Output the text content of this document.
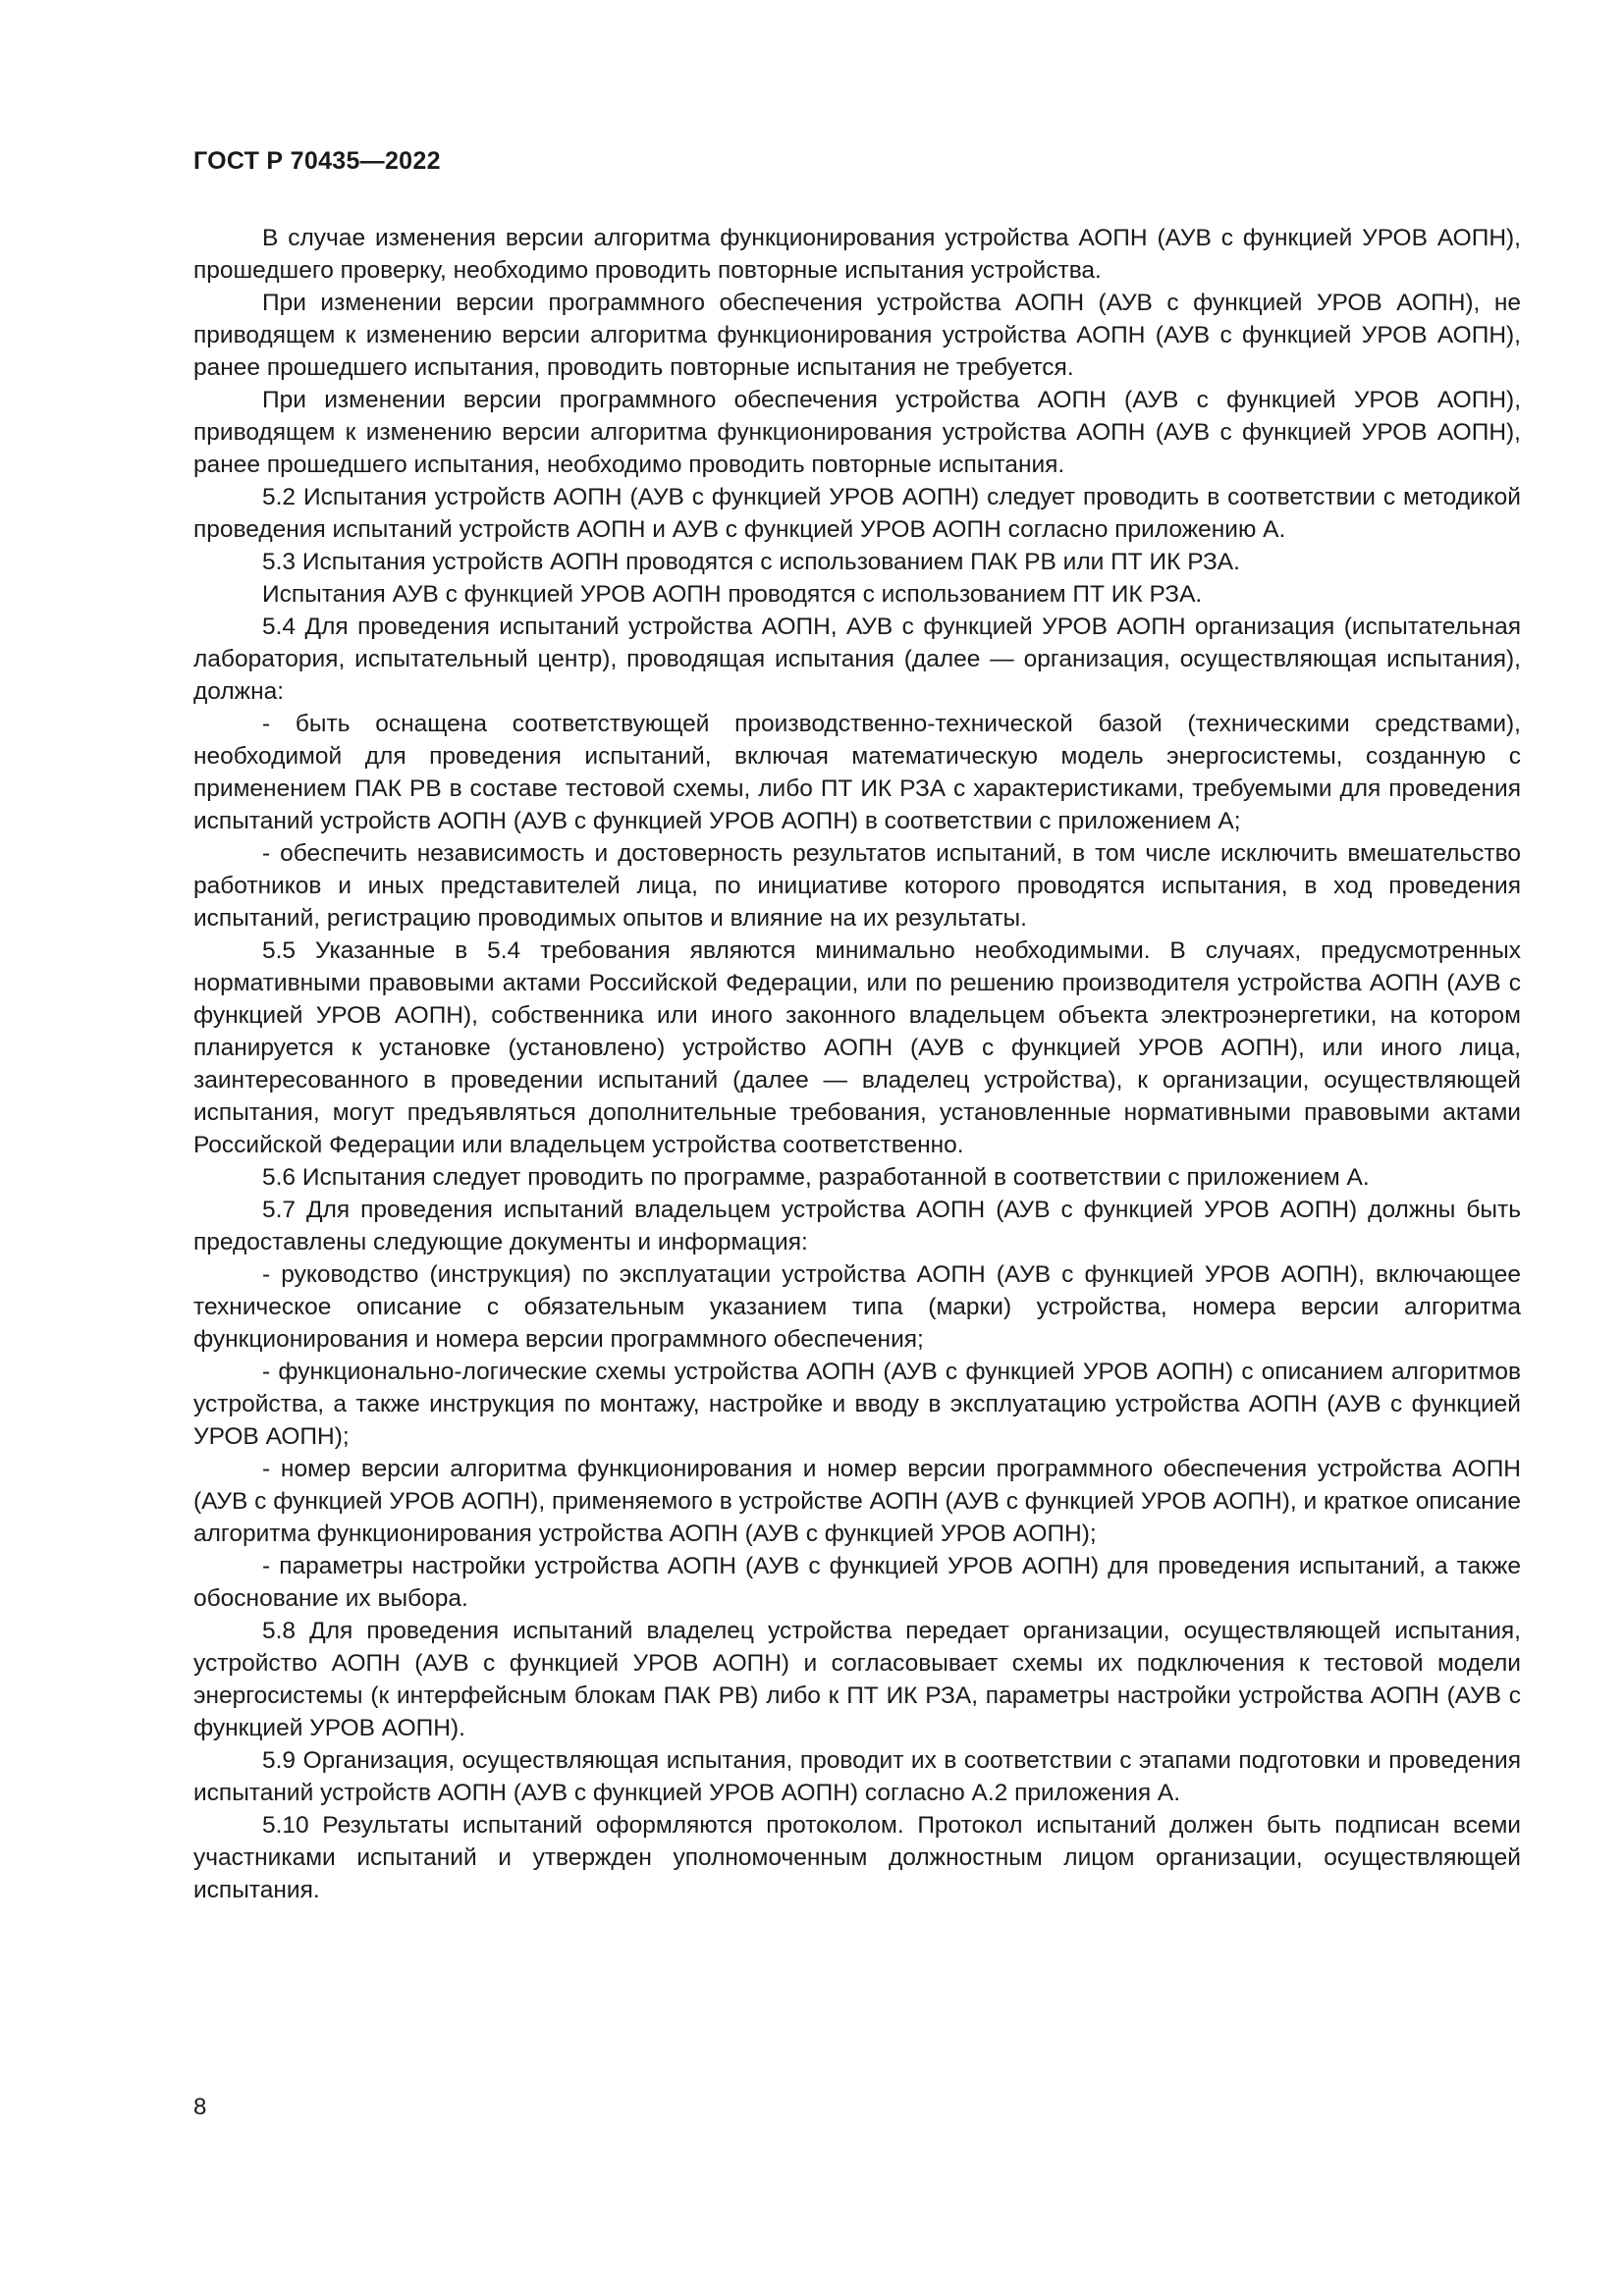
ГОСТ Р 70435—2022

В случае изменения версии алгоритма функционирования устройства АОПН (АУВ с функцией УРОВ АОПН), прошедшего проверку, необходимо проводить повторные испытания устройства.

При изменении версии программного обеспечения устройства АОПН (АУВ с функцией УРОВ АОПН), не приводящем к изменению версии алгоритма функционирования устройства АОПН (АУВ с функцией УРОВ АОПН), ранее прошедшего испытания, проводить повторные испытания не требуется.

При изменении версии программного обеспечения устройства АОПН (АУВ с функцией УРОВ АОПН), приводящем к изменению версии алгоритма функционирования устройства АОПН (АУВ с функцией УРОВ АОПН), ранее прошедшего испытания, необходимо проводить повторные испытания.

5.2 Испытания устройств АОПН (АУВ с функцией УРОВ АОПН) следует проводить в соответствии с методикой проведения испытаний устройств АОПН и АУВ с функцией УРОВ АОПН согласно приложению А.

5.3 Испытания устройств АОПН проводятся с использованием ПАК РВ или ПТ ИК РЗА.

Испытания АУВ с функцией УРОВ АОПН проводятся с использованием ПТ ИК РЗА.

5.4 Для проведения испытаний устройства АОПН, АУВ с функцией УРОВ АОПН организация (испытательная лаборатория, испытательный центр), проводящая испытания (далее — организация, осуществляющая испытания), должна:

- быть оснащена соответствующей производственно-технической базой (техническими средствами), необходимой для проведения испытаний, включая математическую модель энергосистемы, созданную с применением ПАК РВ в составе тестовой схемы, либо ПТ ИК РЗА с характеристиками, требуемыми для проведения испытаний устройств АОПН (АУВ с функцией УРОВ АОПН) в соответствии с приложением А;

- обеспечить независимость и достоверность результатов испытаний, в том числе исключить вмешательство работников и иных представителей лица, по инициативе которого проводятся испытания, в ход проведения испытаний, регистрацию проводимых опытов и влияние на их результаты.

5.5 Указанные в 5.4 требования являются минимально необходимыми. В случаях, предусмотренных нормативными правовыми актами Российской Федерации, или по решению производителя устройства АОПН (АУВ с функцией УРОВ АОПН), собственника или иного законного владельцем объекта электроэнергетики, на котором планируется к установке (установлено) устройство АОПН (АУВ с функцией УРОВ АОПН), или иного лица, заинтересованного в проведении испытаний (далее — владелец устройства), к организации, осуществляющей испытания, могут предъявляться дополнительные требования, установленные нормативными правовыми актами Российской Федерации или владельцем устройства соответственно.

5.6 Испытания следует проводить по программе, разработанной в соответствии с приложением А.

5.7 Для проведения испытаний владельцем устройства АОПН (АУВ с функцией УРОВ АОПН) должны быть предоставлены следующие документы и информация:

- руководство (инструкция) по эксплуатации устройства АОПН (АУВ с функцией УРОВ АОПН), включающее техническое описание с обязательным указанием типа (марки) устройства, номера версии алгоритма функционирования и номера версии программного обеспечения;

- функционально-логические схемы устройства АОПН (АУВ с функцией УРОВ АОПН) с описанием алгоритмов устройства, а также инструкция по монтажу, настройке и вводу в эксплуатацию устройства АОПН (АУВ с функцией УРОВ АОПН);

- номер версии алгоритма функционирования и номер версии программного обеспечения устройства АОПН (АУВ с функцией УРОВ АОПН), применяемого в устройстве АОПН (АУВ с функцией УРОВ АОПН), и краткое описание алгоритма функционирования устройства АОПН (АУВ с функцией УРОВ АОПН);

- параметры настройки устройства АОПН (АУВ с функцией УРОВ АОПН) для проведения испытаний, а также обоснование их выбора.

5.8 Для проведения испытаний владелец устройства передает организации, осуществляющей испытания, устройство АОПН (АУВ с функцией УРОВ АОПН) и согласовывает схемы их подключения к тестовой модели энергосистемы (к интерфейсным блокам ПАК РВ) либо к ПТ ИК РЗА, параметры настройки устройства АОПН (АУВ с функцией УРОВ АОПН).

5.9 Организация, осуществляющая испытания, проводит их в соответствии с этапами подготовки и проведения испытаний устройств АОПН (АУВ с функцией УРОВ АОПН) согласно А.2 приложения А.

5.10 Результаты испытаний оформляются протоколом. Протокол испытаний должен быть подписан всеми участниками испытаний и утвержден уполномоченным должностным лицом организации, осуществляющей испытания.

8
